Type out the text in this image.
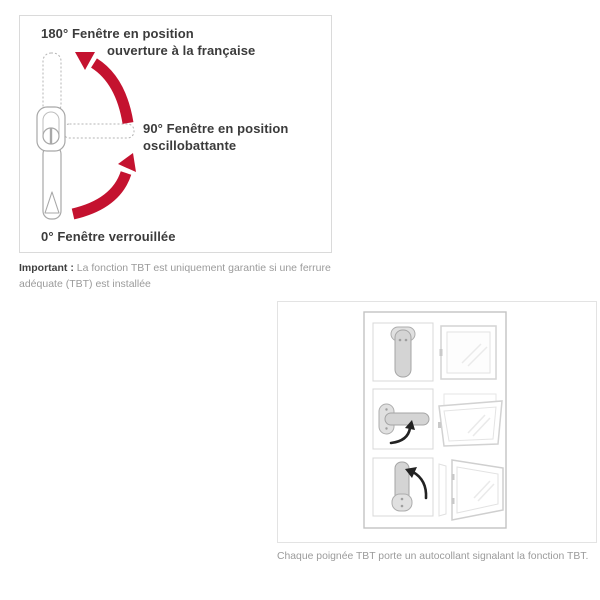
180° Fenêtre en position
ouverture à la française
90° Fenêtre en position
oscillobattante
0° Fenêtre verrouillée

Important : La fonction TBT est uniquement garantie si une ferrure
adéquate (TBT) est installée

Chaque poignée TBT porte un autocollant signalant la fonction TBT.
